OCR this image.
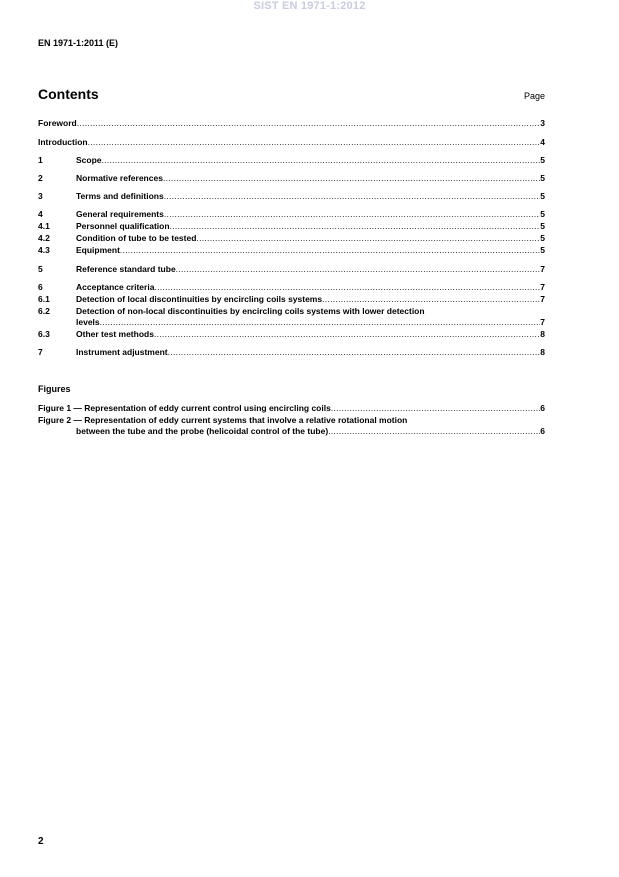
SIST EN 1971-1:2012
EN 1971-1:2011 (E)
Contents	Page
Foreword .....	3
Introduction .....	4
1	Scope .....	5
2	Normative references .....	5
3	Terms and definitions .....	5
4	General requirements .....	5
4.1	Personnel qualification .....	5
4.2	Condition of tube to be tested .....	5
4.3	Equipment .....	5
5	Reference standard tube .....	7
6	Acceptance criteria .....	7
6.1	Detection of local discontinuities by encircling coils systems .....	7
6.2	Detection of non-local discontinuities by encircling coils systems with lower detection
levels .....	7
6.3	Other test methods .....	8
7	Instrument adjustment .....	8
Figures
Figure 1 — Representation of eddy current control using encircling coils .....	6
Figure 2 — Representation of eddy current systems that involve a relative rotational motion
between the tube and the probe (helicoidal control of the tube) .....	6
2
